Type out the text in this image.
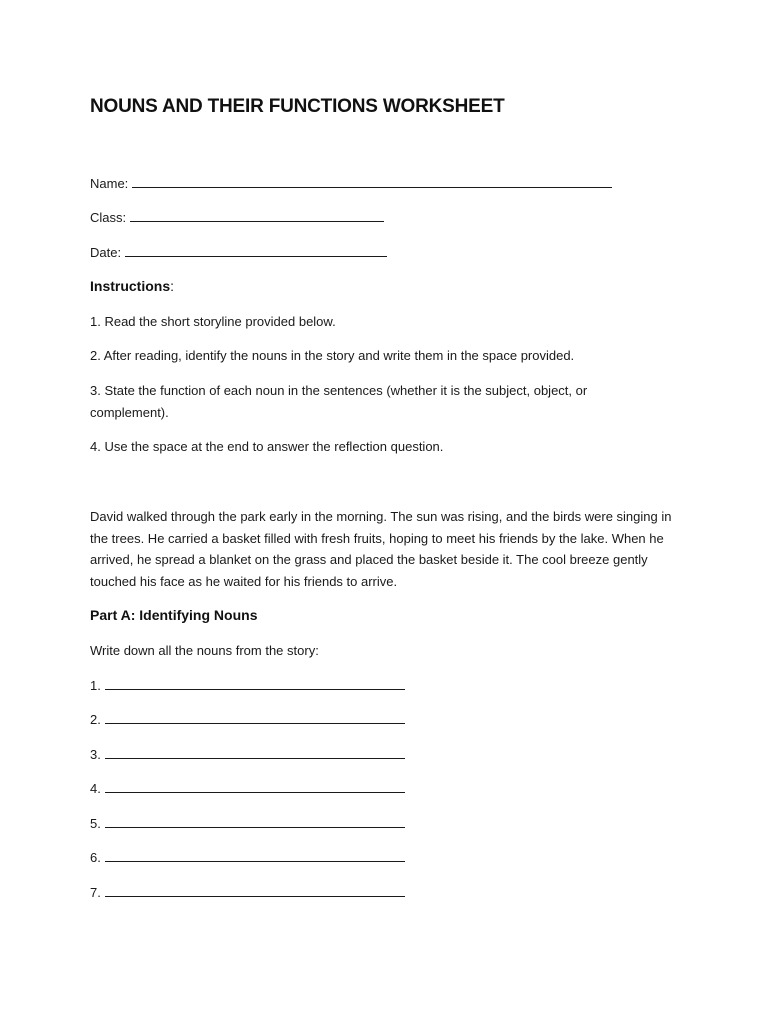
NOUNS AND THEIR FUNCTIONS WORKSHEET

Name:

Class:

Date:

Instructions:

1. Read the short storyline provided below.

2. After reading, identify the nouns in the story and write them in the space provided.

3. State the function of each noun in the sentences (whether it is the subject, object, or complement).

4. Use the space at the end to answer the reflection question.

David walked through the park early in the morning. The sun was rising, and the birds were singing in the trees. He carried a basket filled with fresh fruits, hoping to meet his friends by the lake. When he arrived, he spread a blanket on the grass and placed the basket beside it. The cool breeze gently touched his face as he waited for his friends to arrive.

Part A: Identifying Nouns

Write down all the nouns from the story:

1.

2.

3.

4.

5.

6.

7.
